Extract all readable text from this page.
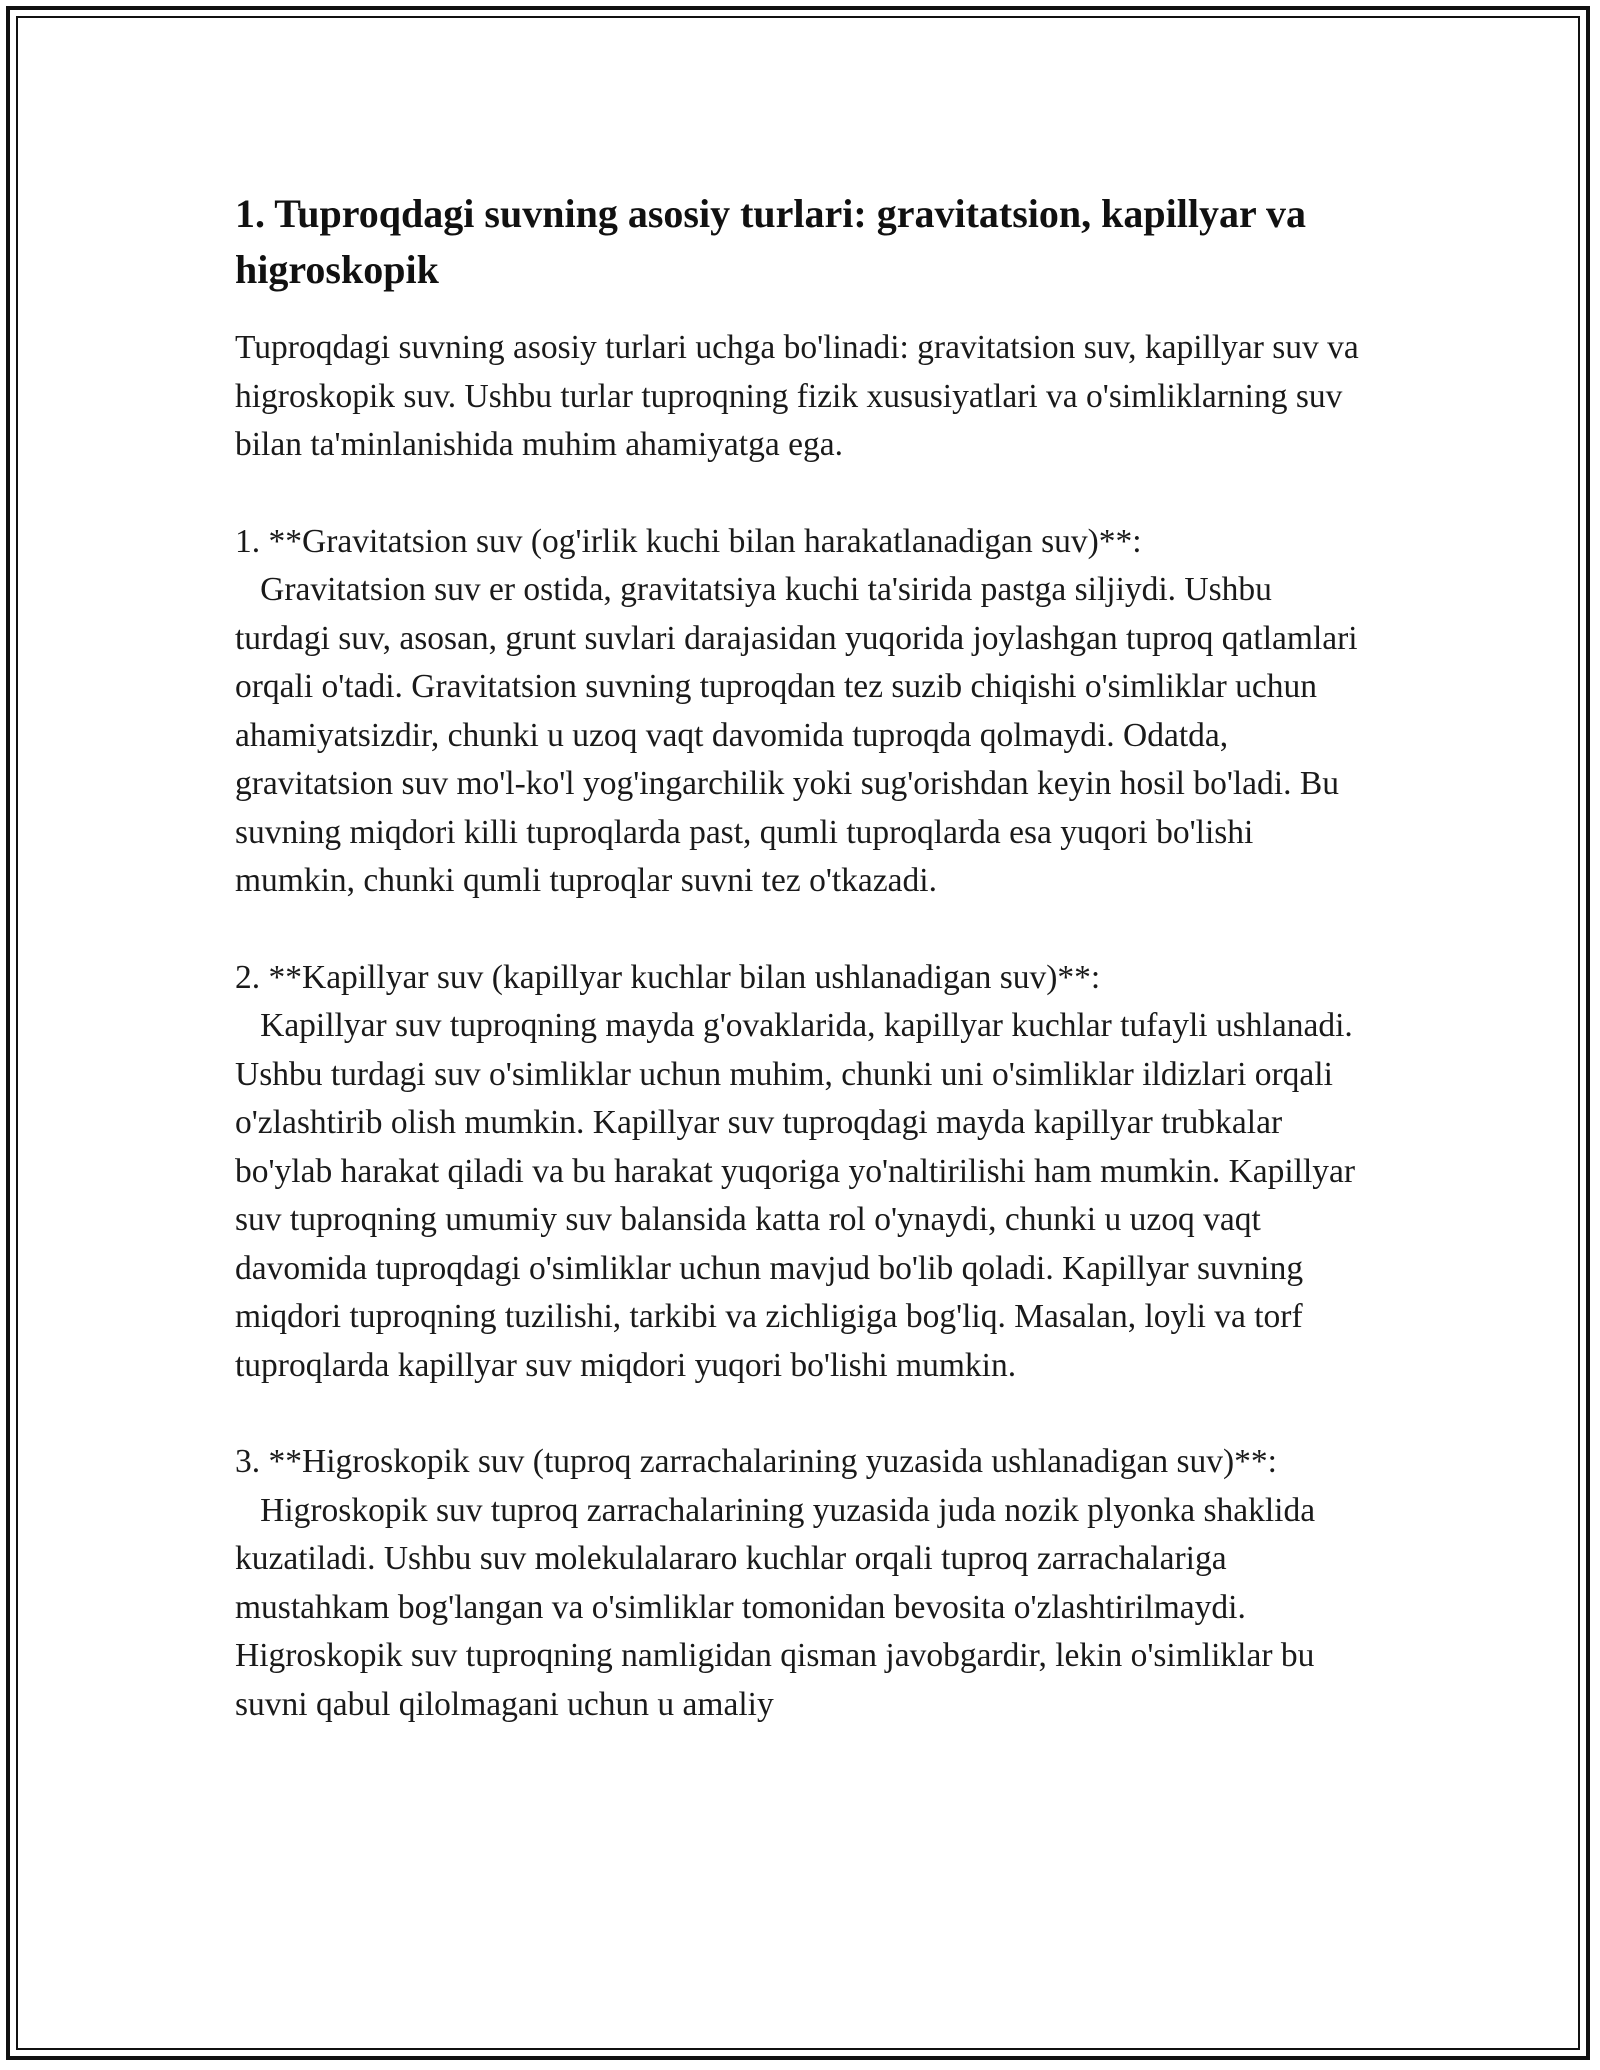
1. Tuproqdagi suvning asosiy turlari: gravitatsion, kapillyar va higroskopik

Tuproqdagi suvning asosiy turlari uchga bo'linadi: gravitatsion suv, kapillyar suv va higroskopik suv. Ushbu turlar tuproqning fizik xususiyatlari va o'simliklarning suv bilan ta'minlanishida muhim ahamiyatga ega.

1. **Gravitatsion suv (og'irlik kuchi bilan harakatlanadigan suv)**:

Gravitatsion suv er ostida, gravitatsiya kuchi ta'sirida pastga siljiydi. Ushbu turdagi suv, asosan, grunt suvlari darajasidan yuqorida joylashgan tuproq qatlamlari orqali o'tadi. Gravitatsion suvning tuproqdan tez suzib chiqishi o'simliklar uchun ahamiyatsizdir, chunki u uzoq vaqt davomida tuproqda qolmaydi. Odatda, gravitatsion suv mo'l-ko'l yog'ingarchilik yoki sug'orishdan keyin hosil bo'ladi. Bu suvning miqdori killi tuproqlarda past, qumli tuproqlarda esa yuqori bo'lishi mumkin, chunki qumli tuproqlar suvni tez o'tkazadi.

2. **Kapillyar suv (kapillyar kuchlar bilan ushlanadigan suv)**:

Kapillyar suv tuproqning mayda g'ovaklarida, kapillyar kuchlar tufayli ushlanadi. Ushbu turdagi suv o'simliklar uchun muhim, chunki uni o'simliklar ildizlari orqali o'zlashtirib olish mumkin. Kapillyar suv tuproqdagi mayda kapillyar trubkalar bo'ylab harakat qiladi va bu harakat yuqoriga yo'naltirilishi ham mumkin. Kapillyar suv tuproqning umumiy suv balansida katta rol o'ynaydi, chunki u uzoq vaqt davomida tuproqdagi o'simliklar uchun mavjud bo'lib qoladi. Kapillyar suvning miqdori tuproqning tuzilishi, tarkibi va zichligiga bog'liq. Masalan, loyli va torf tuproqlarda kapillyar suv miqdori yuqori bo'lishi mumkin.

3. **Higroskopik suv (tuproq zarrachalarining yuzasida ushlanadigan suv)**:

Higroskopik suv tuproq zarrachalarining yuzasida juda nozik plyonka shaklida kuzatiladi. Ushbu suv molekulalararo kuchlar orqali tuproq zarrachalariga mustahkam bog'langan va o'simliklar tomonidan bevosita o'zlashtirilmaydi. Higroskopik suv tuproqning namligidan qisman javobgardir, lekin o'simliklar bu suvni qabul qilolmagani uchun u amaliy
